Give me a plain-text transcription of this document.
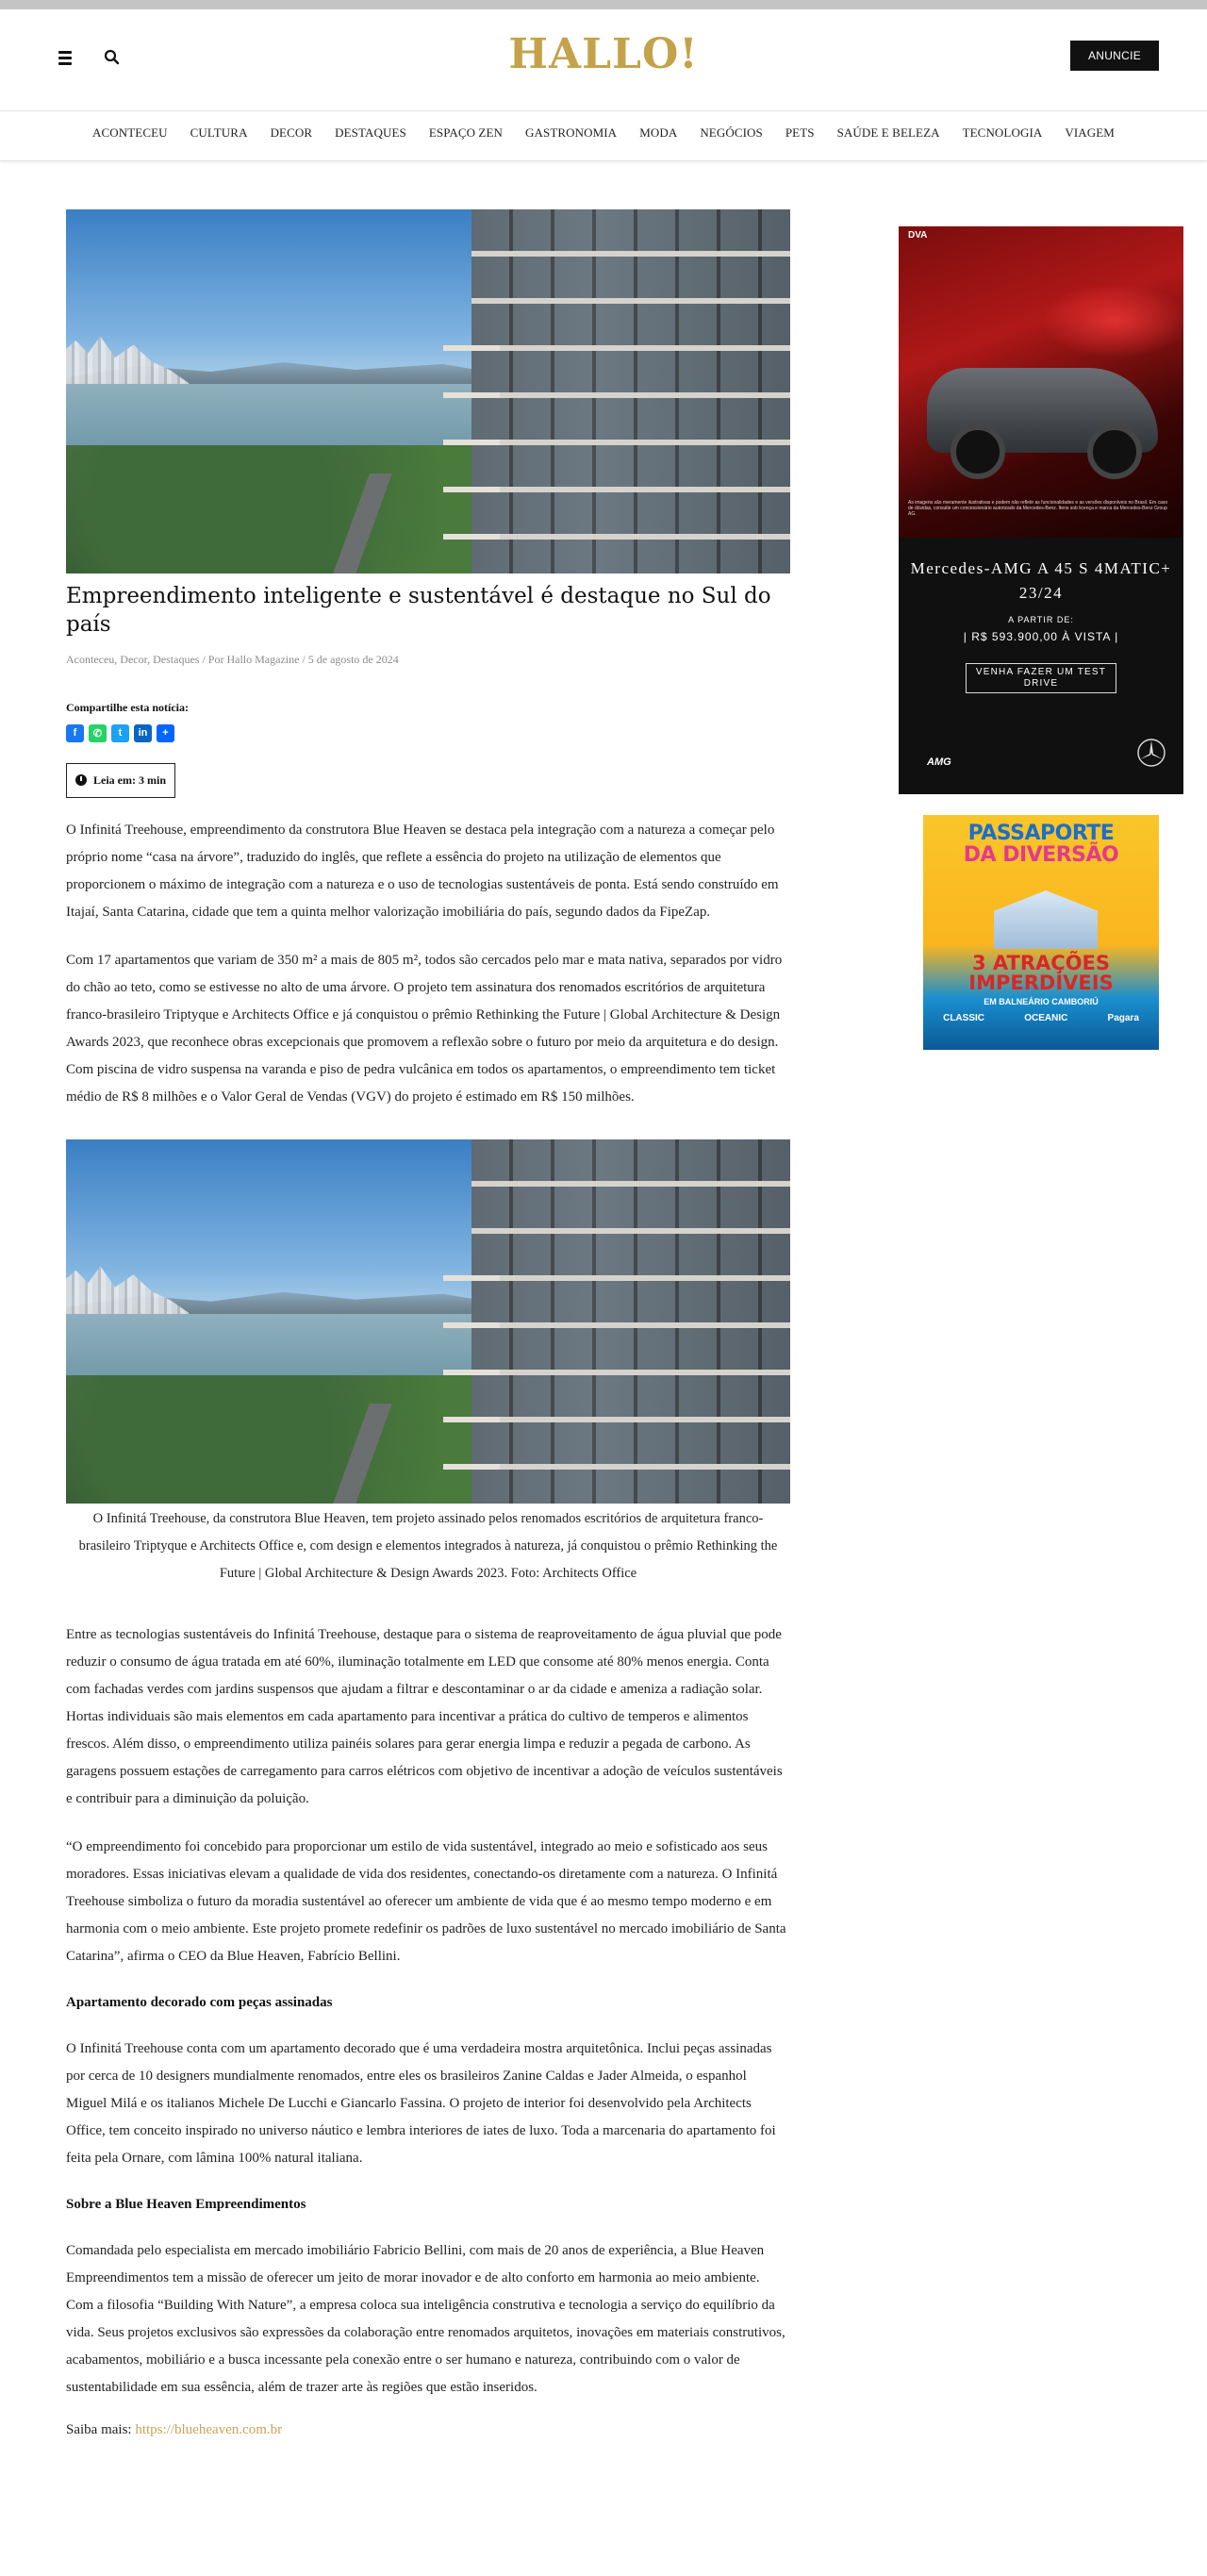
HALLO!	ANUNCIE
ACONTECEU CULTURA DECOR DESTAQUES ESPAÇO ZEN GASTRONOMIA MODA NEGÓCIOS PETS SAÚDE E BELEZA TECNOLOGIA VIAGEM
Empreendimento inteligente e sustentável é destaque no Sul do país
Aconteceu, Decor, Destaques / Por Hallo Magazine / 5 de agosto de 2024
Compartilhe esta notícia:
f	✆	t	in	+
Leia em: 3 min

O Infinitá Treehouse, empreendimento da construtora Blue Heaven se destaca pela integração com a natureza a começar pelo próprio nome “casa na árvore”, traduzido do inglês, que reflete a essência do projeto na utilização de elementos que proporcionem o máximo de integração com a natureza e o uso de tecnologias sustentáveis de ponta. Está sendo construído em Itajaí, Santa Catarina, cidade que tem a quinta melhor valorização imobiliária do país, segundo dados da FipeZap.

Com 17 apartamentos que variam de 350 m² a mais de 805 m², todos são cercados pelo mar e mata nativa, separados por vidro do chão ao teto, como se estivesse no alto de uma árvore. O projeto tem assinatura dos renomados escritórios de arquitetura franco-brasileiro Triptyque e Architects Office e já conquistou o prêmio Rethinking the Future | Global Architecture & Design Awards 2023, que reconhece obras excepcionais que promovem a reflexão sobre o futuro por meio da arquitetura e do design. Com piscina de vidro suspensa na varanda e piso de pedra vulcânica em todos os apartamentos, o empreendimento tem ticket médio de R$ 8 milhões e o Valor Geral de Vendas (VGV) do projeto é estimado em R$ 150 milhões.

O Infinitá Treehouse, da construtora Blue Heaven, tem projeto assinado pelos renomados escritórios de arquitetura franco-brasileiro Triptyque e Architects Office e, com design e elementos integrados à natureza, já conquistou o prêmio Rethinking the Future | Global Architecture & Design Awards 2023. Foto: Architects Office

Entre as tecnologias sustentáveis do Infinitá Treehouse, destaque para o sistema de reaproveitamento de água pluvial que pode reduzir o consumo de água tratada em até 60%, iluminação totalmente em LED que consome até 80% menos energia. Conta com fachadas verdes com jardins suspensos que ajudam a filtrar e descontaminar o ar da cidade e ameniza a radiação solar. Hortas individuais são mais elementos em cada apartamento para incentivar a prática do cultivo de temperos e alimentos frescos. Além disso, o empreendimento utiliza painéis solares para gerar energia limpa e reduzir a pegada de carbono. As garagens possuem estações de carregamento para carros elétricos com objetivo de incentivar a adoção de veículos sustentáveis e contribuir para a diminuição da poluição.

“O empreendimento foi concebido para proporcionar um estilo de vida sustentável, integrado ao meio e sofisticado aos seus moradores. Essas iniciativas elevam a qualidade de vida dos residentes, conectando-os diretamente com a natureza. O Infinitá Treehouse simboliza o futuro da moradia sustentável ao oferecer um ambiente de vida que é ao mesmo tempo moderno e em harmonia com o meio ambiente. Este projeto promete redefinir os padrões de luxo sustentável no mercado imobiliário de Santa Catarina”, afirma o CEO da Blue Heaven, Fabrício Bellini.

Apartamento decorado com peças assinadas

O Infinitá Treehouse conta com um apartamento decorado que é uma verdadeira mostra arquitetônica. Inclui peças assinadas por cerca de 10 designers mundialmente renomados, entre eles os brasileiros Zanine Caldas e Jader Almeida, o espanhol Miguel Milá e os italianos Michele De Lucchi e Giancarlo Fassina. O projeto de interior foi desenvolvido pela Architects Office, tem conceito inspirado no universo náutico e lembra interiores de iates de luxo. Toda a marcenaria do apartamento foi feita pela Ornare, com lâmina 100% natural italiana.

Sobre a Blue Heaven Empreendimentos

Comandada pelo especialista em mercado imobiliário Fabricio Bellini, com mais de 20 anos de experiência, a Blue Heaven Empreendimentos tem a missão de oferecer um jeito de morar inovador e de alto conforto em harmonia ao meio ambiente. Com a filosofia “Building With Nature”, a empresa coloca sua inteligência construtiva e tecnologia a serviço do equilíbrio da vida. Seus projetos exclusivos são expressões da colaboração entre renomados arquitetos, inovações em materiais construtivos, acabamentos, mobiliário e a busca incessante pela conexão entre o ser humano e natureza, contribuindo com o valor de sustentabilidade em sua essência, além de trazer arte às regiões que estão inseridos.

Saiba mais: https://blueheaven.com.br

DVA
As imagens são meramente ilustrativas e podem não refletir as funcionalidades e as versões disponíveis no Brasil. Em caso de dúvidas, consulte um concessionário autorizado da Mercedes-Benz. Itens sob licença e marca da Mercedes-Benz Group AG.
Mercedes-AMG A 45 S 4MATIC+ 23/24
A PARTIR DE:
| R$ 593.900,00 À VISTA |
VENHA FAZER UM TEST DRIVE
AMG
PASSAPORTE
DA DIVERSÃO
3 ATRAÇÕES IMPERDÍVEIS
EM BALNEÁRIO CAMBORIÚ
CLASSIC	OCEANIC	Pagara
